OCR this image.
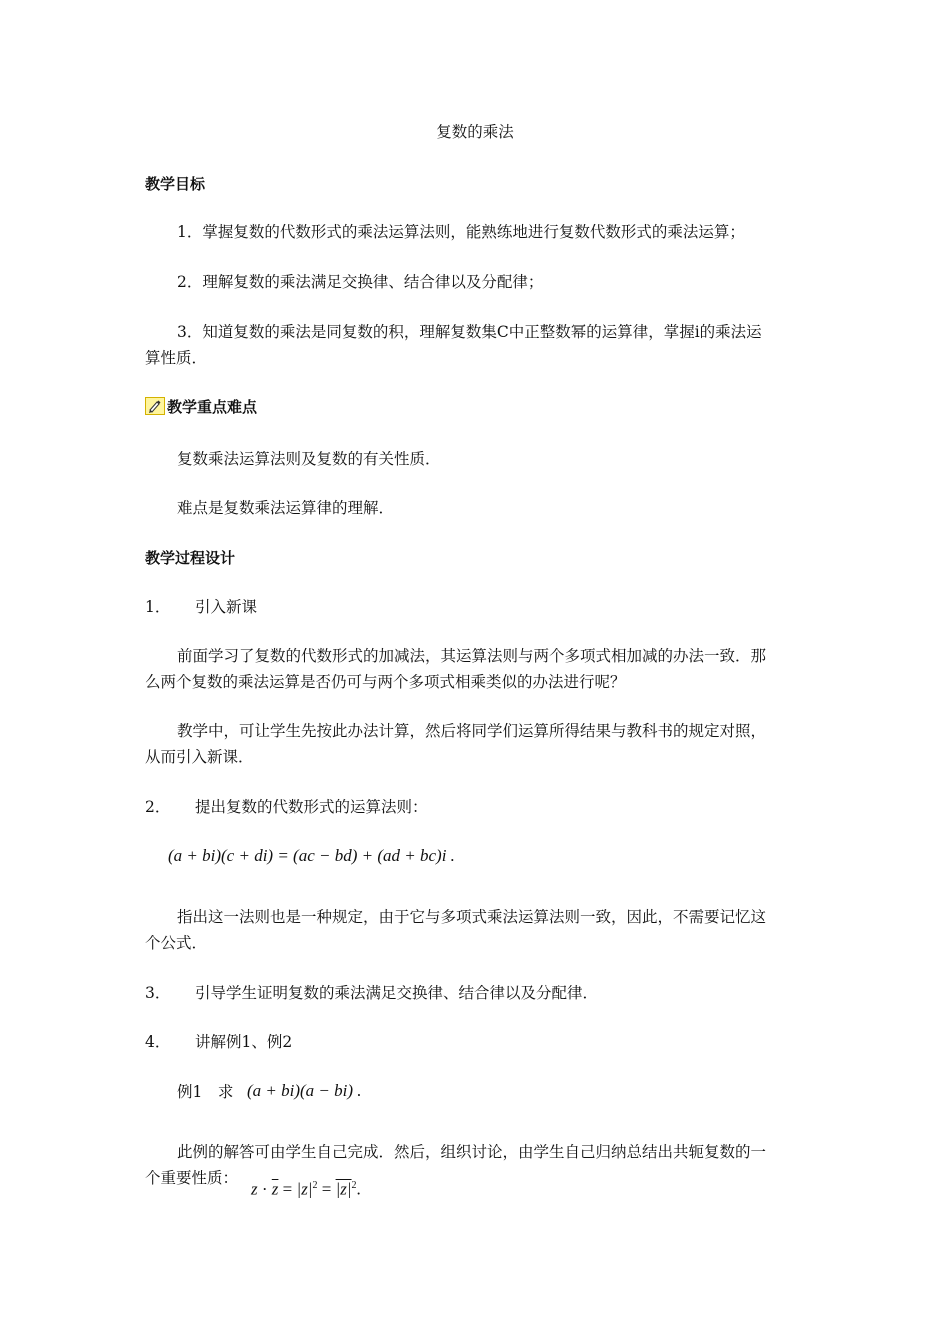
复数的乘法
教学目标
1．掌握复数的代数形式的乘法运算法则，能熟练地进行复数代数形式的乘法运算；
2．理解复数的乘法满足交换律、结合律以及分配律；
3．知道复数的乘法是同复数的积，理解复数集C中正整数幂的运算律，掌握i的乘法运
算性质．
教学重点难点
复数乘法运算法则及复数的有关性质．
难点是复数乘法运算律的理解．
教学过程设计
1． 引入新课
前面学习了复数的代数形式的加减法，其运算法则与两个多项式相加减的办法一致．那
么两个复数的乘法运算是否仍可与两个多项式相乘类似的办法进行呢？
教学中，可让学生先按此办法计算，然后将同学们运算所得结果与教科书的规定对照，
从而引入新课．
2． 提出复数的代数形式的运算法则：
(a + bi)(c + di) = (ac − bd) + (ad + bc)i .
指出这一法则也是一种规定，由于它与多项式乘法运算法则一致，因此，不需要记忆这
个公式．
3． 引导学生证明复数的乘法满足交换律、结合律以及分配律．
4． 讲解例1、例2
例1　求 (a + bi)(a − bi) .
此例的解答可由学生自己完成．然后，组织讨论，由学生自己归纳总结出共轭复数的一
个重要性质：
$z \cdot \overline{z} = |z|^2 = |z|^2$.
